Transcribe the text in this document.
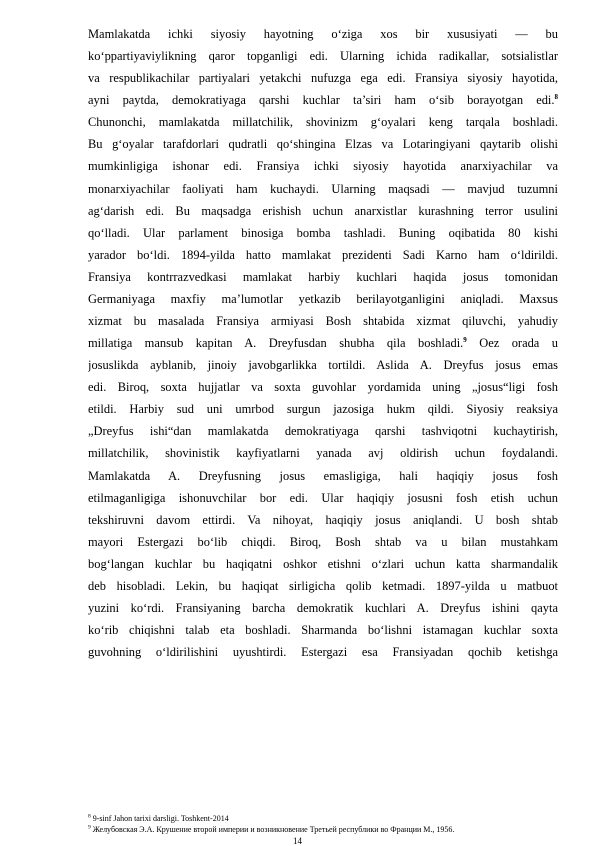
Mamlakatda ichki siyosiy hayotning o‘ziga xos bir xususiyati — bu
ko‘ppartiyaviylikning qaror topganligi edi. Ularning ichida radikallar, sotsialistlar
va respublikachilar partiyalari yetakchi nufuzga ega edi. Fransiya siyosiy hayotida,
ayni paytda, demokratiyaga qarshi kuchlar ta’siri ham o‘sib borayotgan edi.$^8$
Chunonchi, mamlakatda millatchilik, shovinizm g‘oyalari keng tarqala boshladi.
Bu g‘oyalar tarafdorlari qudratli qo‘shingina Elzas va Lotaringiyani qaytarib olishi
mumkinligiga ishonar edi. Fransiya ichki siyosiy hayotida anarxiyachilar va
monarxiyachilar faoliyati ham kuchaydi. Ularning maqsadi — mavjud tuzumni
ag‘darish edi. Bu maqsadga erishish uchun anarxistlar kurashning terror usulini
qo‘lladi. Ular parlament binosiga bomba tashladi. Buning oqibatida 80 kishi
yarador bo‘ldi. 1894-yilda hatto mamlakat prezidenti Sadi Karno ham o‘ldirildi.
Fransiya kontrrazvedkasi mamlakat harbiy kuchlari haqida josus tomonidan
Germaniyaga maxfiy ma’lumotlar yetkazib berilayotganligini aniqladi. Maxsus
xizmat bu masalada Fransiya armiyasi Bosh shtabida xizmat qiluvchi, yahudiy
millatiga mansub kapitan A. Dreyfusdan shubha qila boshladi.$^9$ Oez orada u
josuslikda ayblanib, jinoiy javobgarlikka tortildi. Aslida A. Dreyfus josus emas
edi. Biroq, soxta hujjatlar va soxta guvohlar yordamida uning „josus“ligi fosh
etildi. Harbiy sud uni umrbod surgun jazosiga hukm qildi. Siyosiy reaksiya
„Dreyfus ishi“dan mamlakatda demokratiyaga qarshi tashviqotni kuchaytirish,
millatchilik, shovinistik kayfiyatlarni yanada avj oldirish uchun foydalandi.
Mamlakatda A. Dreyfusning josus emasligiga, hali haqiqiy josus fosh
etilmaganligiga ishonuvchilar bor edi. Ular haqiqiy josusni fosh etish uchun
tekshiruvni davom ettirdi. Va nihoyat, haqiqiy josus aniqlandi. U bosh shtab
mayori Estergazi bo‘lib chiqdi. Biroq, Bosh shtab va u bilan mustahkam
bog‘langan kuchlar bu haqiqatni oshkor etishni o‘zlari uchun katta sharmandalik
deb hisobladi. Lekin, bu haqiqat sirligicha qolib ketmadi. 1897-yilda u matbuot
yuzini ko‘rdi. Fransiyaning barcha demokratik kuchlari A. Dreyfus ishini qayta
ko‘rib chiqishni talab eta boshladi. Sharmanda bo‘lishni istamagan kuchlar soxta
guvohning o‘ldirilishini uyushtirdi. Estergazi esa Fransiyadan qochib ketishga
$^8$ 9-sinf Jahon tarixi darsligi. Toshkent-2014
$^9$ Желубовская Э.А. Крушение второй империи и возникновение Третьей республики во Франции М., 1956.
14
